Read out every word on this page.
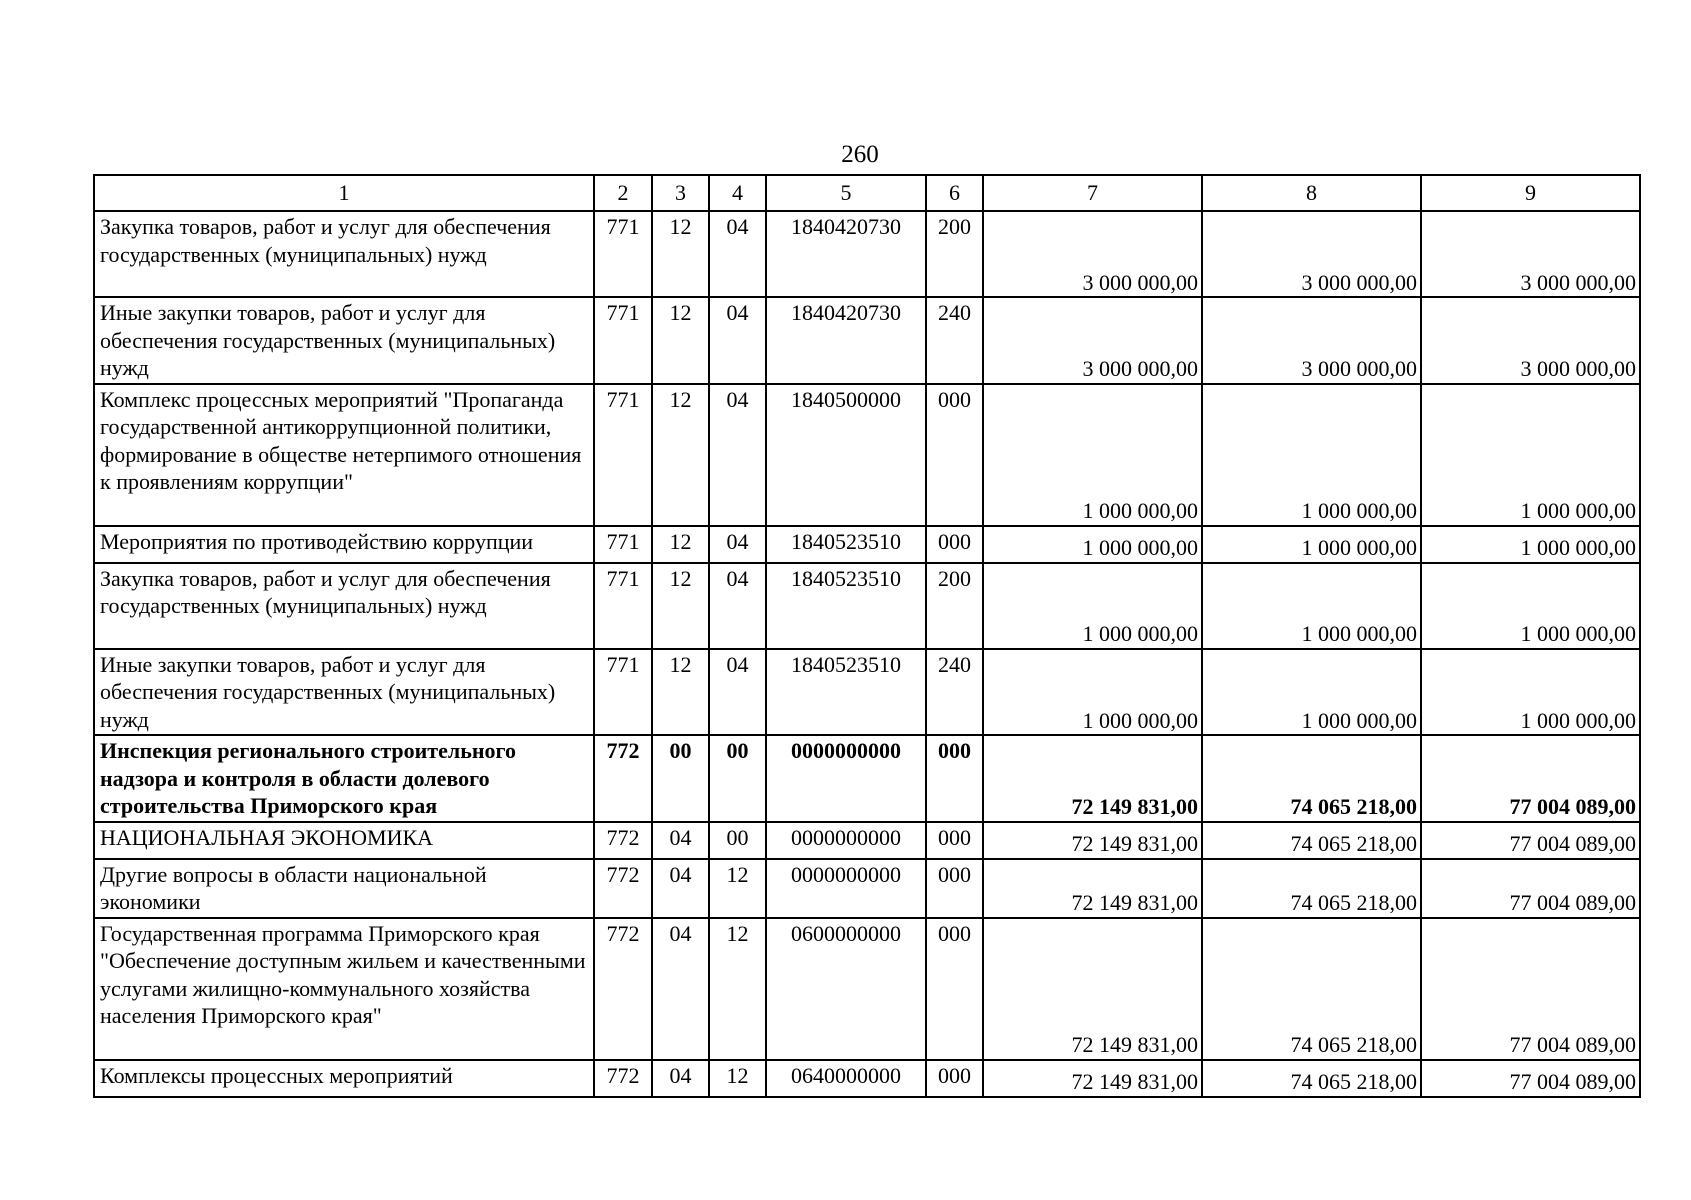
260
1	2	3	4	5	6	7	8	9
Закупка товаров, работ и услуг для обеспечения государственных (муниципальных) нужд	771	12	04	1840420730	200	3 000 000,00	3 000 000,00	3 000 000,00
Иные закупки товаров, работ и услуг для обеспечения государственных (муниципальных) нужд	771	12	04	1840420730	240	3 000 000,00	3 000 000,00	3 000 000,00
Комплекс процессных мероприятий "Пропаганда государственной антикоррупционной политики, формирование в обществе нетерпимого отношения к проявлениям коррупции"	771	12	04	1840500000	000	1 000 000,00	1 000 000,00	1 000 000,00
Мероприятия по противодействию коррупции	771	12	04	1840523510	000	1 000 000,00	1 000 000,00	1 000 000,00
Закупка товаров, работ и услуг для обеспечения государственных (муниципальных) нужд	771	12	04	1840523510	200	1 000 000,00	1 000 000,00	1 000 000,00
Иные закупки товаров, работ и услуг для обеспечения государственных (муниципальных) нужд	771	12	04	1840523510	240	1 000 000,00	1 000 000,00	1 000 000,00
Инспекция регионального строительного надзора и контроля в области долевого строительства Приморского края	772	00	00	0000000000	000	72 149 831,00	74 065 218,00	77 004 089,00
НАЦИОНАЛЬНАЯ ЭКОНОМИКА	772	04	00	0000000000	000	72 149 831,00	74 065 218,00	77 004 089,00
Другие вопросы в области национальной экономики	772	04	12	0000000000	000	72 149 831,00	74 065 218,00	77 004 089,00
Государственная программа Приморского края "Обеспечение доступным жильем и качественными услугами жилищно-коммунального хозяйства населения Приморского края"	772	04	12	0600000000	000	72 149 831,00	74 065 218,00	77 004 089,00
Комплексы процессных мероприятий	772	04	12	0640000000	000	72 149 831,00	74 065 218,00	77 004 089,00
